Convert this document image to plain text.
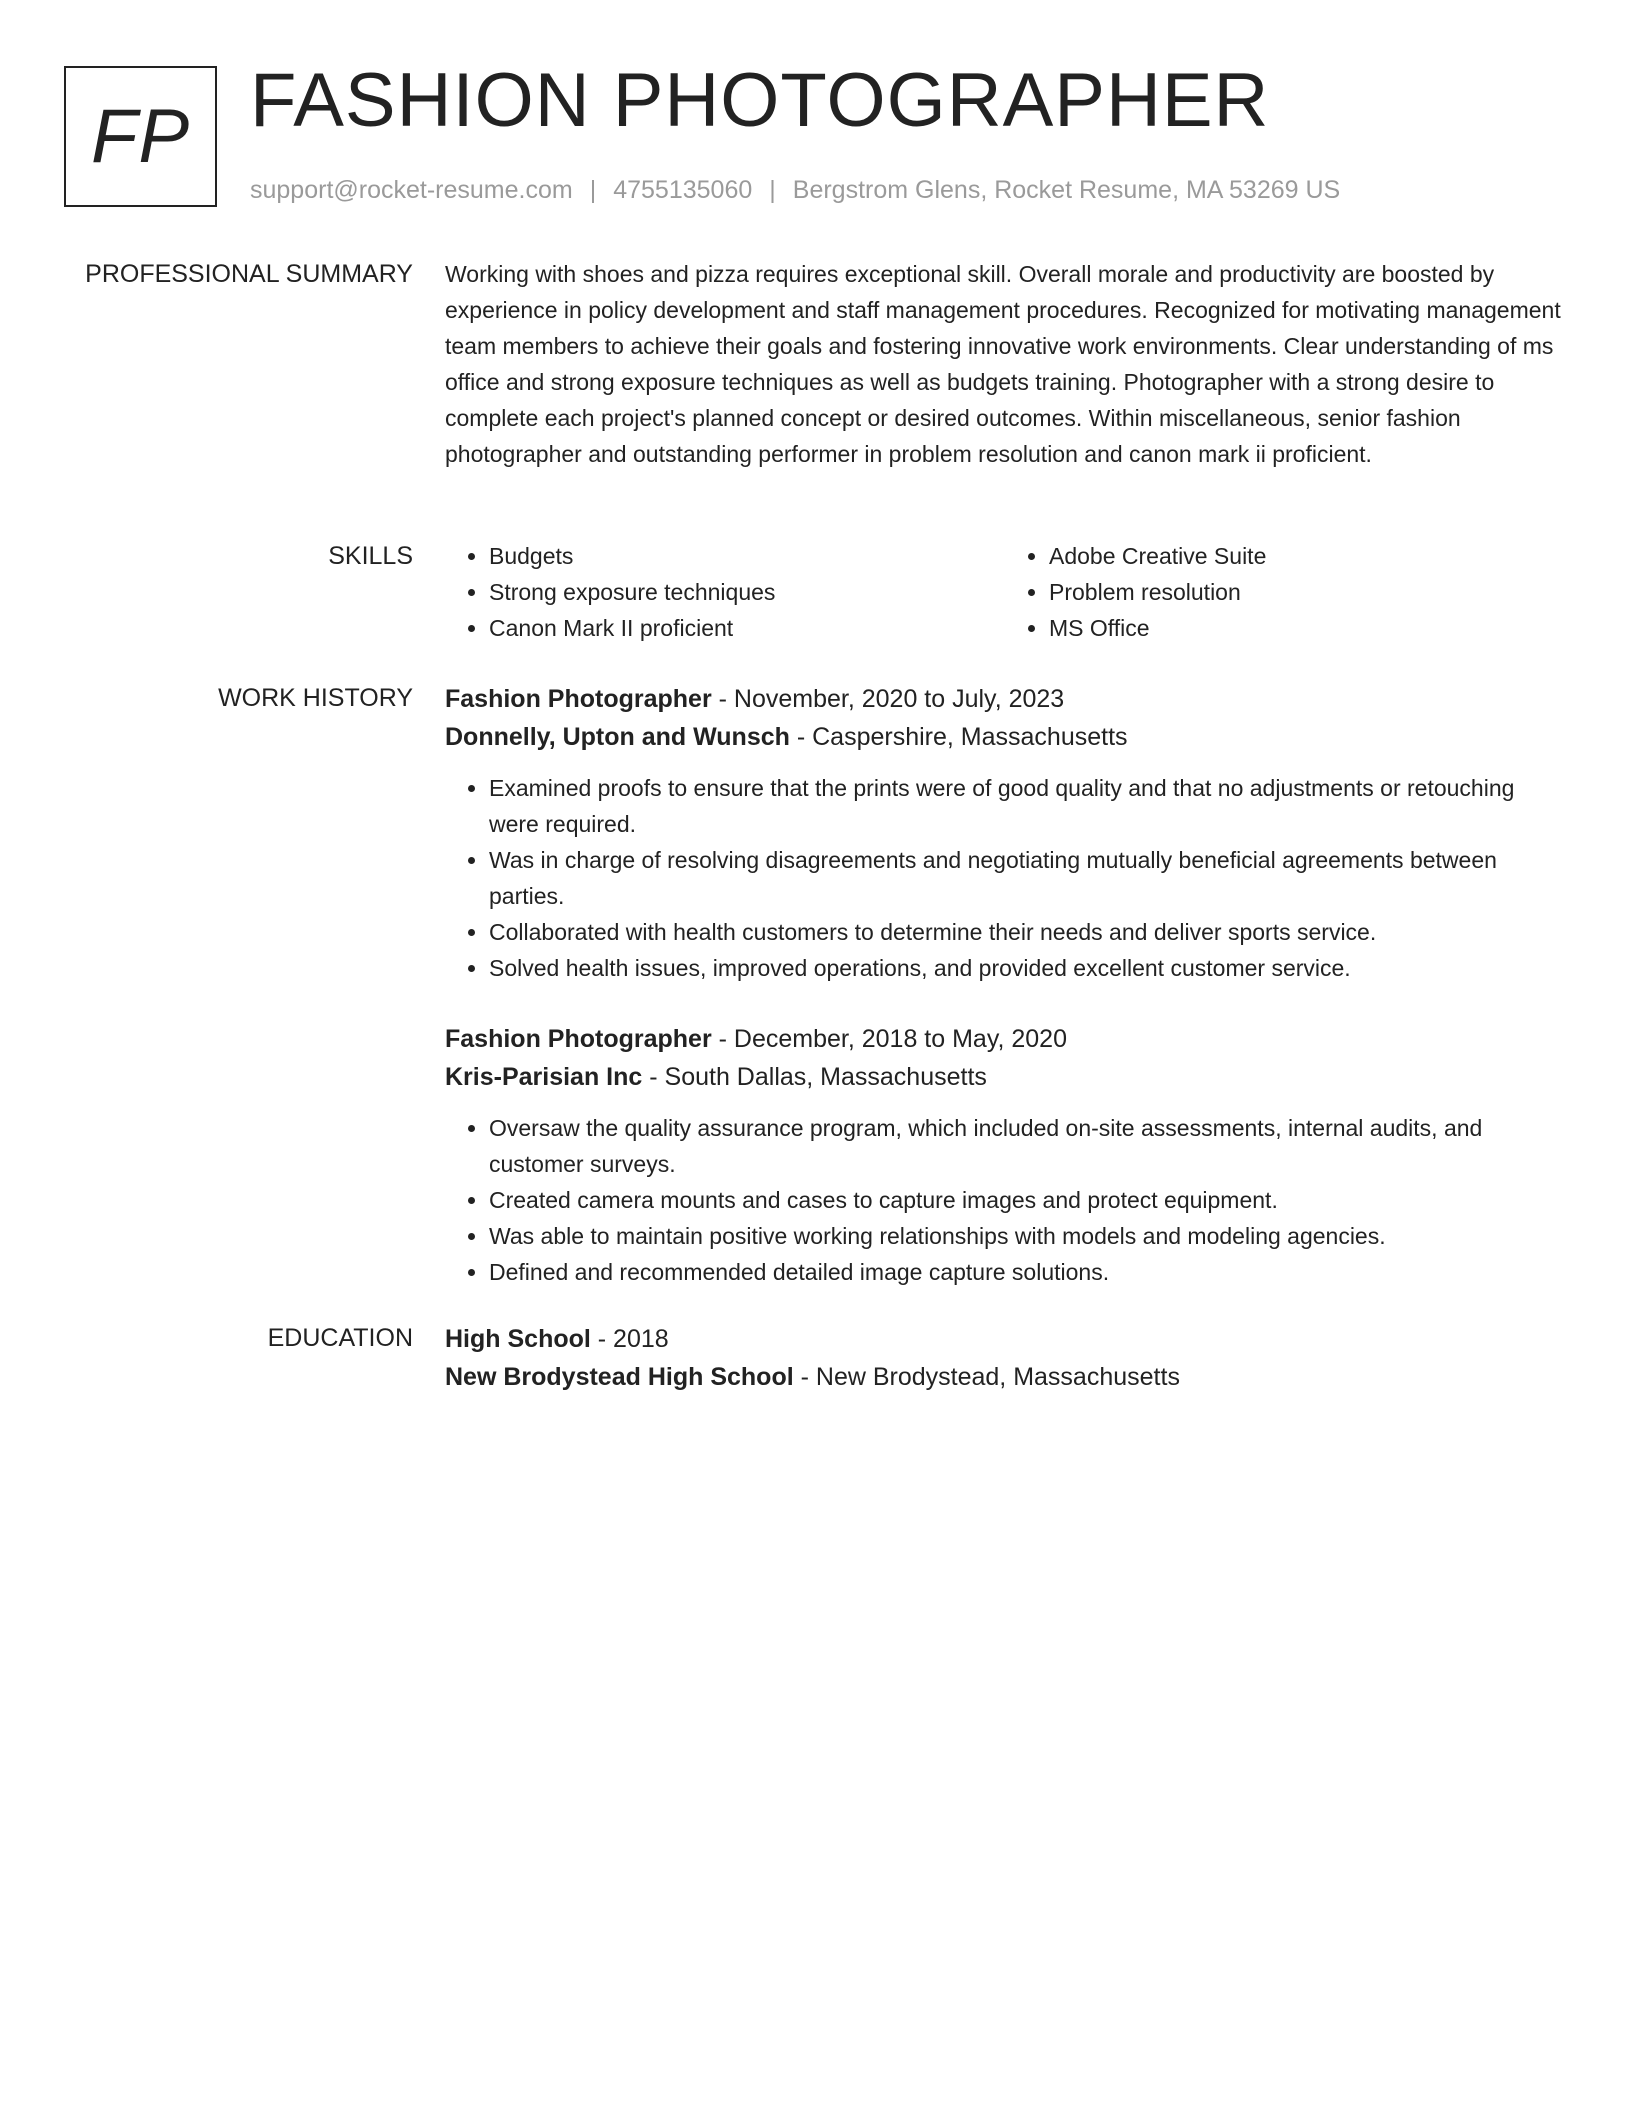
FP FASHION PHOTOGRAPHER
support@rocket-resume.com | 4755135060 | Bergstrom Glens, Rocket Resume, MA 53269 US
PROFESSIONAL SUMMARY Working with shoes and pizza requires exceptional skill. Overall morale and productivity are boosted by experience in policy development and staff management procedures. Recognized for motivating management team members to achieve their goals and fostering innovative work environments. Clear understanding of ms office and strong exposure techniques as well as budgets training. Photographer with a strong desire to complete each project's planned concept or desired outcomes. Within miscellaneous, senior fashion photographer and outstanding performer in problem resolution and canon mark ii proficient.

SKILLS
•	Budgets
• Strong exposure techniques
• Canon Mark II proficient
• Adobe Creative Suite
• Problem resolution
• MS Office
WORK HISTORY Fashion Photographer - November, 2020 to July, 2023
Donnelly, Upton and Wunsch - Caspershire, Massachusetts
• Examined proofs to ensure that the prints were of good quality and that no adjustments or retouching were required.
• Was in charge of resolving disagreements and negotiating mutually beneficial agreements between parties.
• Collaborated with health customers to determine their needs and deliver sports service.
• Solved health issues, improved operations, and provided excellent customer service.
Fashion Photographer - December, 2018 to May, 2020
Kris-Parisian Inc - South Dallas, Massachusetts
• Oversaw the quality assurance program, which included on-site assessments, internal audits, and customer surveys.
• Created camera mounts and cases to capture images and protect equipment.
• Was able to maintain positive working relationships with models and modeling agencies.
• Defined and recommended detailed image capture solutions.
EDUCATION High School - 2018
New Brodystead High School - New Brodystead, Massachusetts
